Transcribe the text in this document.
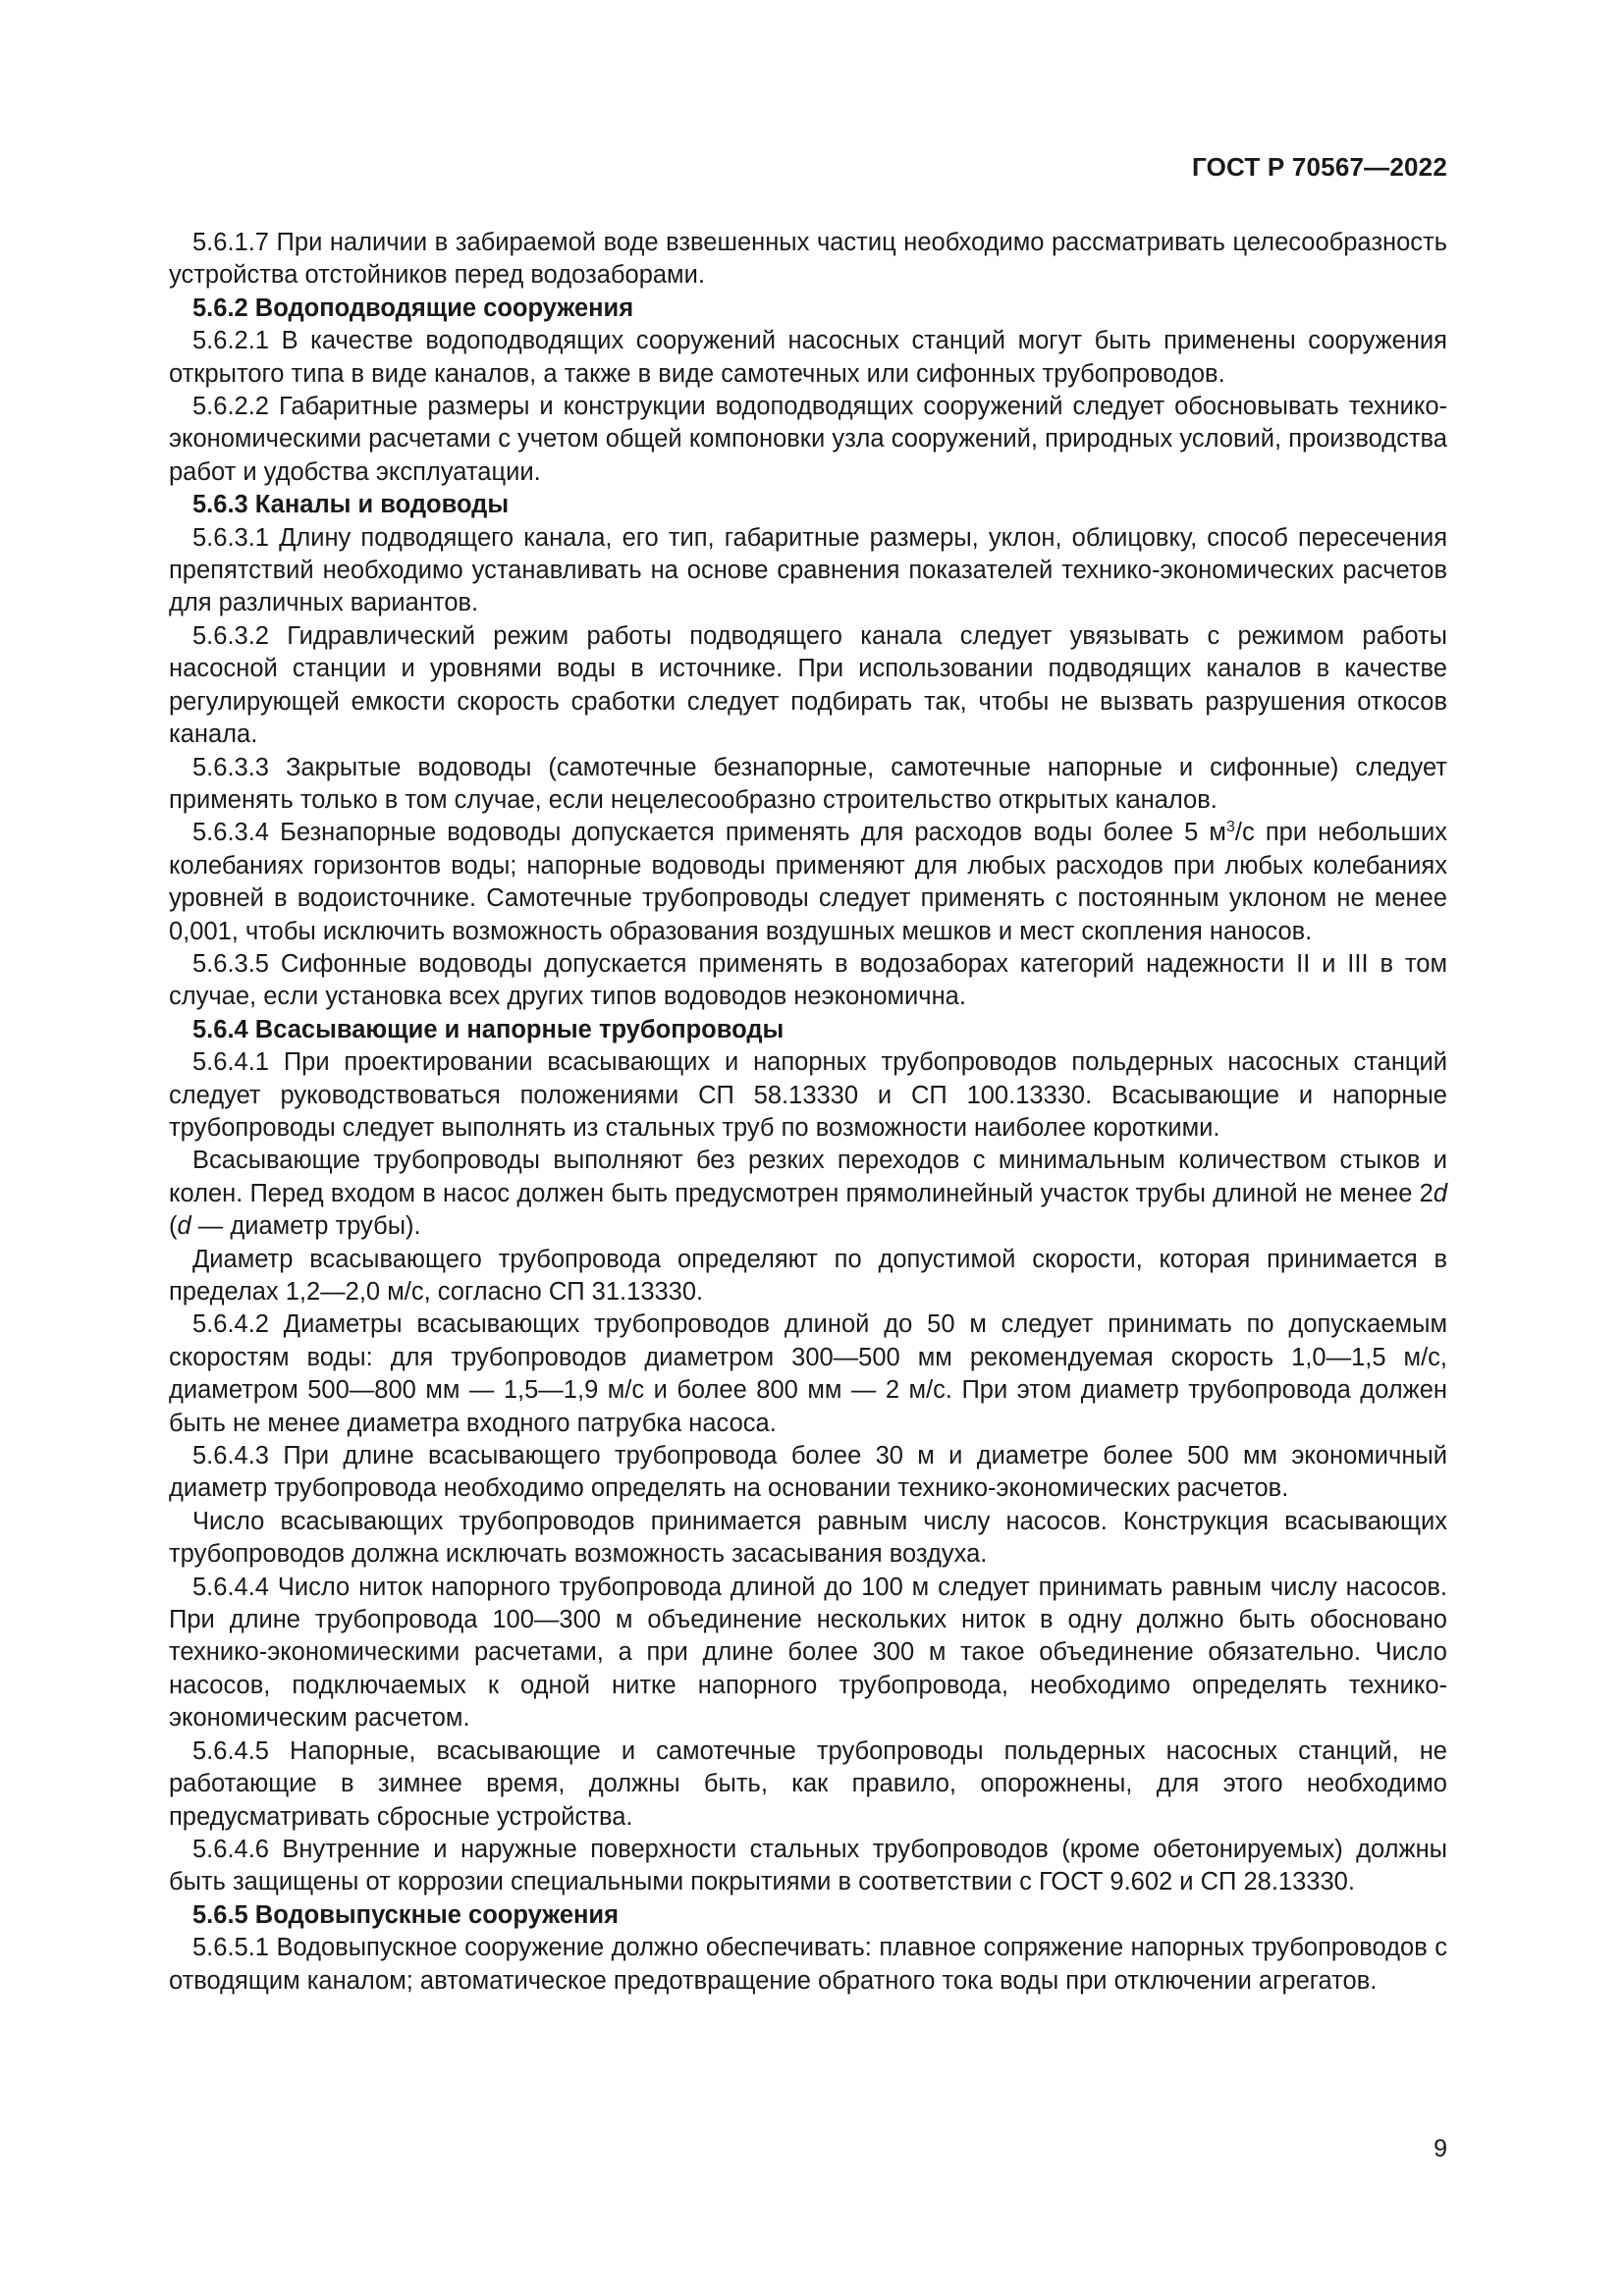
ГОСТ Р 70567—2022

5.6.1.7 При наличии в забираемой воде взвешенных частиц необходимо рассматривать целесообразность устройства отстойников перед водозаборами.

5.6.2 Водоподводящие сооружения

5.6.2.1 В качестве водоподводящих сооружений насосных станций могут быть применены сооружения открытого типа в виде каналов, а также в виде самотечных или сифонных трубопроводов.

5.6.2.2 Габаритные размеры и конструкции водоподводящих сооружений следует обосновывать технико-экономическими расчетами с учетом общей компоновки узла сооружений, природных условий, производства работ и удобства эксплуатации.

5.6.3 Каналы и водоводы

5.6.3.1 Длину подводящего канала, его тип, габаритные размеры, уклон, облицовку, способ пересечения препятствий необходимо устанавливать на основе сравнения показателей технико-экономических расчетов для различных вариантов.

5.6.3.2 Гидравлический режим работы подводящего канала следует увязывать с режимом работы насосной станции и уровнями воды в источнике. При использовании подводящих каналов в качестве регулирующей емкости скорость сработки следует подбирать так, чтобы не вызвать разрушения откосов канала.

5.6.3.3 Закрытые водоводы (самотечные безнапорные, самотечные напорные и сифонные) следует применять только в том случае, если нецелесообразно строительство открытых каналов.

5.6.3.4 Безнапорные водоводы допускается применять для расходов воды более 5 $м^3/с$ при небольших колебаниях горизонтов воды; напорные водоводы применяют для любых расходов при любых колебаниях уровней в водоисточнике. Самотечные трубопроводы следует применять с постоянным уклоном не менее 0,001, чтобы исключить возможность образования воздушных мешков и мест скопления наносов.

5.6.3.5 Сифонные водоводы допускается применять в водозаборах категорий надежности II и III в том случае, если установка всех других типов водоводов неэкономична.

5.6.4 Всасывающие и напорные трубопроводы

5.6.4.1 При проектировании всасывающих и напорных трубопроводов польдерных насосных станций следует руководствоваться положениями СП 58.13330 и СП 100.13330. Всасывающие и напорные трубопроводы следует выполнять из стальных труб по возможности наиболее короткими.

Всасывающие трубопроводы выполняют без резких переходов с минимальным количеством стыков и колен. Перед входом в насос должен быть предусмотрен прямолинейный участок трубы длиной не менее 2d (d — диаметр трубы).

Диаметр всасывающего трубопровода определяют по допустимой скорости, которая принимается в пределах 1,2—2,0 м/с, согласно СП 31.13330.

5.6.4.2 Диаметры всасывающих трубопроводов длиной до 50 м следует принимать по допускаемым скоростям воды: для трубопроводов диаметром 300—500 мм рекомендуемая скорость 1,0—1,5 м/с, диаметром 500—800 мм — 1,5—1,9 м/с и более 800 мм — 2 м/с. При этом диаметр трубопровода должен быть не менее диаметра входного патрубка насоса.

5.6.4.3 При длине всасывающего трубопровода более 30 м и диаметре более 500 мм экономичный диаметр трубопровода необходимо определять на основании технико-экономических расчетов.

Число всасывающих трубопроводов принимается равным числу насосов. Конструкция всасывающих трубопроводов должна исключать возможность засасывания воздуха.

5.6.4.4 Число ниток напорного трубопровода длиной до 100 м следует принимать равным числу насосов. При длине трубопровода 100—300 м объединение нескольких ниток в одну должно быть обосновано технико-экономическими расчетами, а при длине более 300 м такое объединение обязательно. Число насосов, подключаемых к одной нитке напорного трубопровода, необходимо определять технико-экономическим расчетом.

5.6.4.5 Напорные, всасывающие и самотечные трубопроводы польдерных насосных станций, не работающие в зимнее время, должны быть, как правило, опорожнены, для этого необходимо предусматривать сбросные устройства.

5.6.4.6 Внутренние и наружные поверхности стальных трубопроводов (кроме обетонируемых) должны быть защищены от коррозии специальными покрытиями в соответствии с ГОСТ 9.602 и СП 28.13330.

5.6.5 Водовыпускные сооружения

5.6.5.1 Водовыпускное сооружение должно обеспечивать: плавное сопряжение напорных трубопроводов с отводящим каналом; автоматическое предотвращение обратного тока воды при отключении агрегатов.

9
